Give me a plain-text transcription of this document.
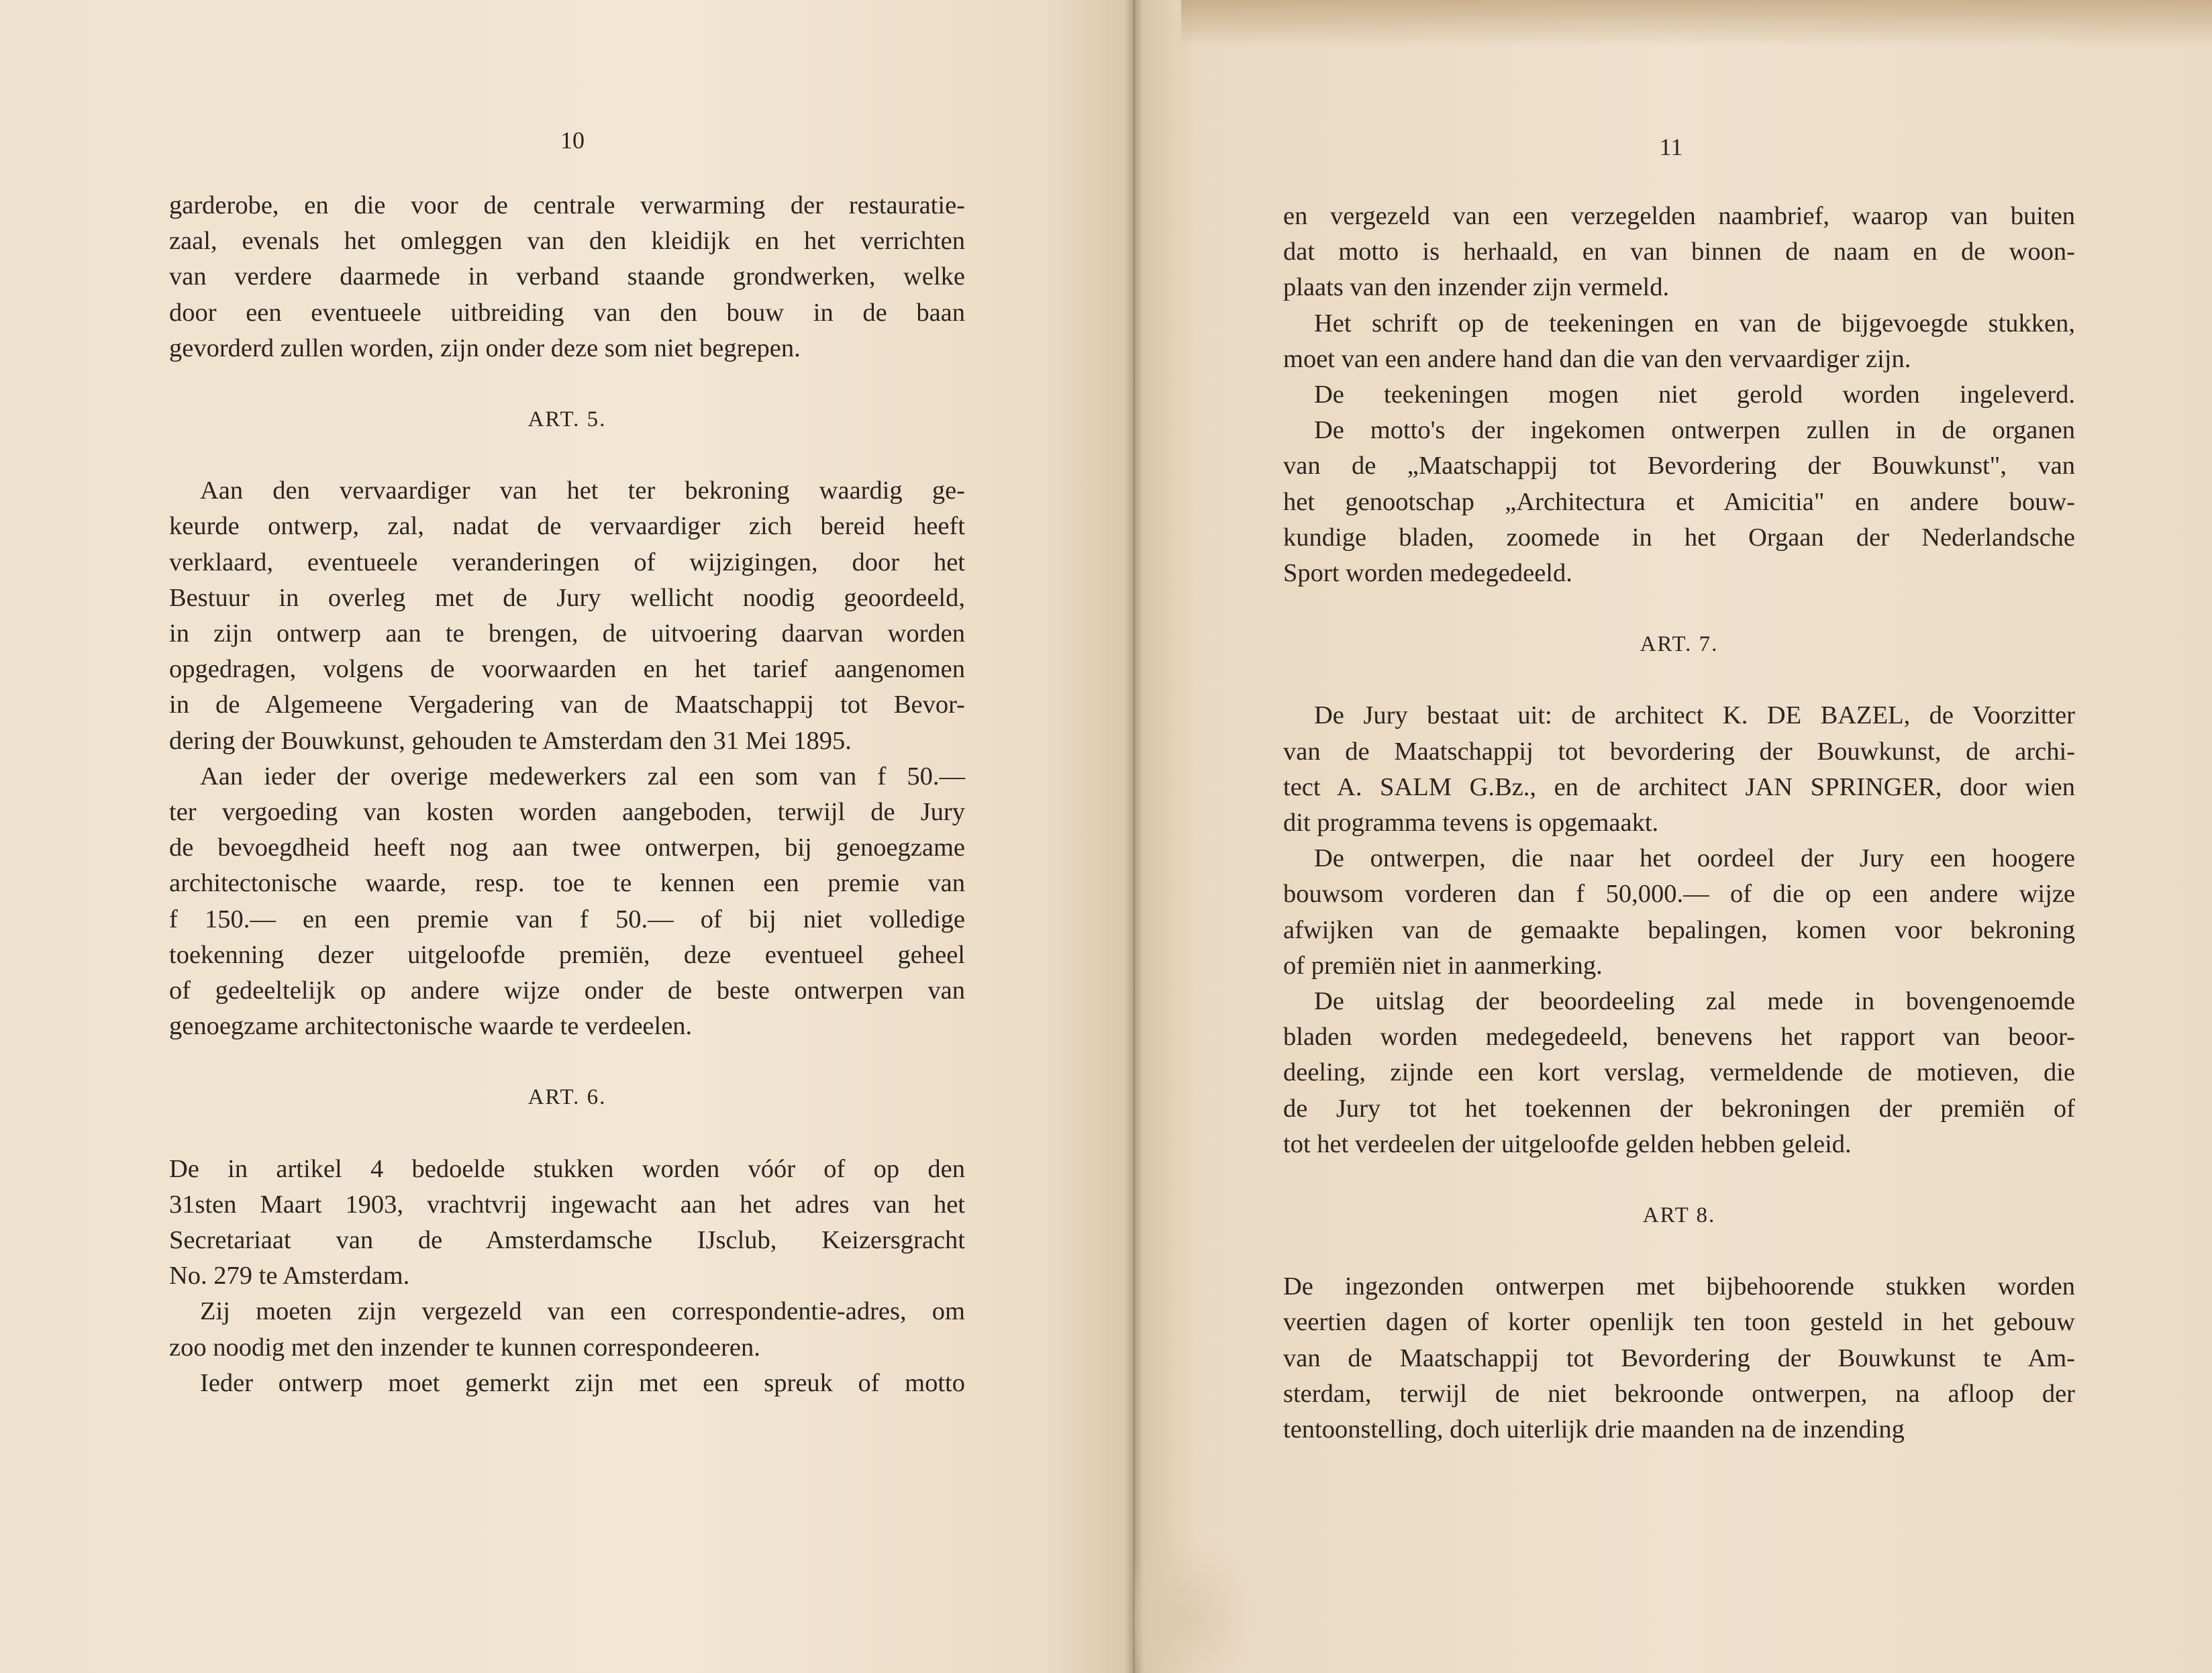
10
garderobe, en die voor de centrale verwarming der restauratie-
zaal, evenals het omleggen van den kleidijk en het verrichten
van verdere daarmede in verband staande grondwerken, welke
door een eventueele uitbreiding van den bouw in de baan
gevorderd zullen worden, zijn onder deze som niet begrepen.

ART. 5.

Aan den vervaardiger van het ter bekroning waardig ge-
keurde ontwerp, zal, nadat de vervaardiger zich bereid heeft
verklaard, eventueele veranderingen of wijzigingen, door het
Bestuur in overleg met de Jury wellicht noodig geoordeeld,
in zijn ontwerp aan te brengen, de uitvoering daarvan worden
opgedragen, volgens de voorwaarden en het tarief aangenomen
in de Algemeene Vergadering van de Maatschappij tot Bevor-
dering der Bouwkunst, gehouden te Amsterdam den 31 Mei 1895.
Aan ieder der overige medewerkers zal een som van f 50.—
ter vergoeding van kosten worden aangeboden, terwijl de Jury
de bevoegdheid heeft nog aan twee ontwerpen, bij genoegzame
architectonische waarde, resp. toe te kennen een premie van
f 150.— en een premie van f 50.— of bij niet volledige
toekenning dezer uitgeloofde premiën, deze eventueel geheel
of gedeeltelijk op andere wijze onder de beste ontwerpen van
genoegzame architectonische waarde te verdeelen.

ART. 6.

De in artikel 4 bedoelde stukken worden vóór of op den
31sten Maart 1903, vrachtvrij ingewacht aan het adres van het
Secretariaat van de Amsterdamsche IJsclub, Keizersgracht
No. 279 te Amsterdam.
Zij moeten zijn vergezeld van een correspondentie-adres, om
zoo noodig met den inzender te kunnen correspondeeren.
Ieder ontwerp moet gemerkt zijn met een spreuk of motto
11
en vergezeld van een verzegelden naambrief, waarop van buiten
dat motto is herhaald, en van binnen de naam en de woon-
plaats van den inzender zijn vermeld.
Het schrift op de teekeningen en van de bijgevoegde stukken,
moet van een andere hand dan die van den vervaardiger zijn.
De teekeningen mogen niet gerold worden ingeleverd.
De motto's der ingekomen ontwerpen zullen in de organen
van de „Maatschappij tot Bevordering der Bouwkunst", van
het genootschap „Architectura et Amicitia" en andere bouw-
kundige bladen, zoomede in het Orgaan der Nederlandsche
Sport worden medegedeeld.

ART. 7.

De Jury bestaat uit: de architect K. DE BAZEL, de Voorzitter
van de Maatschappij tot bevordering der Bouwkunst, de archi-
tect A. SALM G.Bz., en de architect JAN SPRINGER, door wien
dit programma tevens is opgemaakt.
De ontwerpen, die naar het oordeel der Jury een hoogere
bouwsom vorderen dan f 50,000.— of die op een andere wijze
afwijken van de gemaakte bepalingen, komen voor bekroning
of premiën niet in aanmerking.
De uitslag der beoordeeling zal mede in bovengenoemde
bladen worden medegedeeld, benevens het rapport van beoor-
deeling, zijnde een kort verslag, vermeldende de motieven, die
de Jury tot het toekennen der bekroningen der premiën of
tot het verdeelen der uitgeloofde gelden hebben geleid.

ART 8.

De ingezonden ontwerpen met bijbehoorende stukken worden
veertien dagen of korter openlijk ten toon gesteld in het gebouw
van de Maatschappij tot Bevordering der Bouwkunst te Am-
sterdam, terwijl de niet bekroonde ontwerpen, na afloop der
tentoonstelling, doch uiterlijk drie maanden na de inzending
